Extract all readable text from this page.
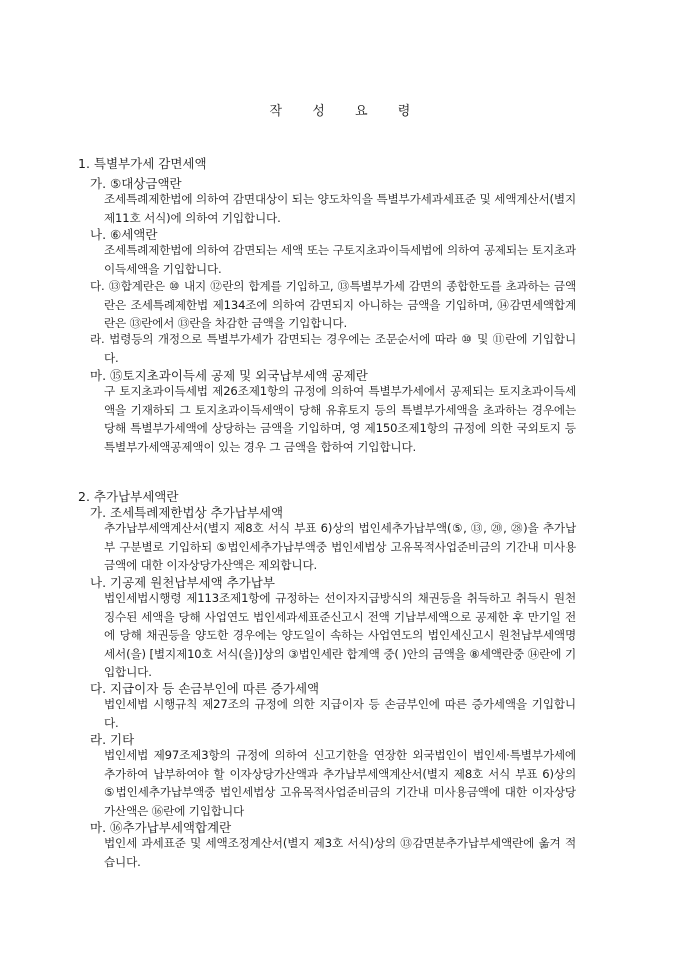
작 성 요 령
1. 특별부가세 감면세액
가. ⑤대상금액란
조세특례제한법에 의하여 감면대상이 되는 양도차익을 특별부가세과세표준 및 세액계산서(별지 제11호 서식)에 의하여 기입합니다.
나. ⑥세액란
조세특례제한법에 의하여 감면되는 세액 또는 구토지초과이득세법에 의하여 공제되는 토지초과이득세액을 기입합니다.
다. ⑬합계란은 ⑩ 내지 ⑫란의 합계를 기입하고, ⑬특별부가세 감면의 종합한도를 초과하는 금액란은 조세특례제한법 제134조에 의하여 감면되지 아니하는 금액을 기입하며, ⑭감면세액합계란은 ⑬란에서 ⑬란을 차감한 금액을 기입합니다.
라. 법령등의 개정으로 특별부가세가 감면되는 경우에는 조문순서에 따라 ⑩ 및 ⑪란에 기입합니다.
마. ⑮토지초과이득세 공제 및 외국납부세액 공제란
구 토지초과이득세법 제26조제1항의 규정에 의하여 특별부가세에서 공제되는 토지초과이득세액을 기재하되 그 토지초과이득세액이 당해 유휴토지 등의 특별부가세액을 초과하는 경우에는 당해 특별부가세액에 상당하는 금액을 기입하며, 영 제150조제1항의 규정에 의한 국외토지 등 특별부가세액공제액이 있는 경우 그 금액을 합하여 기입합니다.
2. 추가납부세액란
가. 조세특례제한법상 추가납부세액
추가납부세액계산서(별지 제8호 서식 부표 6)상의 법인세추가납부액(⑤, ⑬, ⑳, ㉘)을 추가납부 구분별로 기입하되 ⑤법인세추가납부액중 법인세법상 고유목적사업준비금의 기간내 미사용금액에 대한 이자상당가산액은 제외합니다.
나. 기공제 원천납부세액 추가납부
법인세법시행령 제113조제1항에 규정하는 선이자지급방식의 채권등을 취득하고 취득시 원천징수된 세액을 당해 사업연도 법인세과세표준신고시 전액 기납부세액으로 공제한 후 만기일 전에 당해 채권등을 양도한 경우에는 양도일이 속하는 사업연도의 법인세신고시 원천납부세액명세서(을) [별지제10호 서식(을)]상의 ③법인세란 합계액 중( )안의 금액을 ⑧세액란중 ⑭란에 기입합니다.
다. 지급이자 등 손금부인에 따른 증가세액
법인세법 시행규칙 제27조의 규정에 의한 지급이자 등 손금부인에 따른 증가세액을 기입합니다.
라. 기타
법인세법 제97조제3항의 규정에 의하여 신고기한을 연장한 외국법인이 법인세·특별부가세에 추가하여 납부하여야 할 이자상당가산액과 추가납부세액계산서(별지 제8호 서식 부표 6)상의 ⑤법인세추가납부액중 법인세법상 고유목적사업준비금의 기간내 미사용금액에 대한 이자상당가산액은 ⑯란에 기입합니다
마. ⑯추가납부세액합계란
법인세 과세표준 및 세액조정계산서(별지 제3호 서식)상의 ⑬감면분추가납부세액란에 옮겨 적습니다.
